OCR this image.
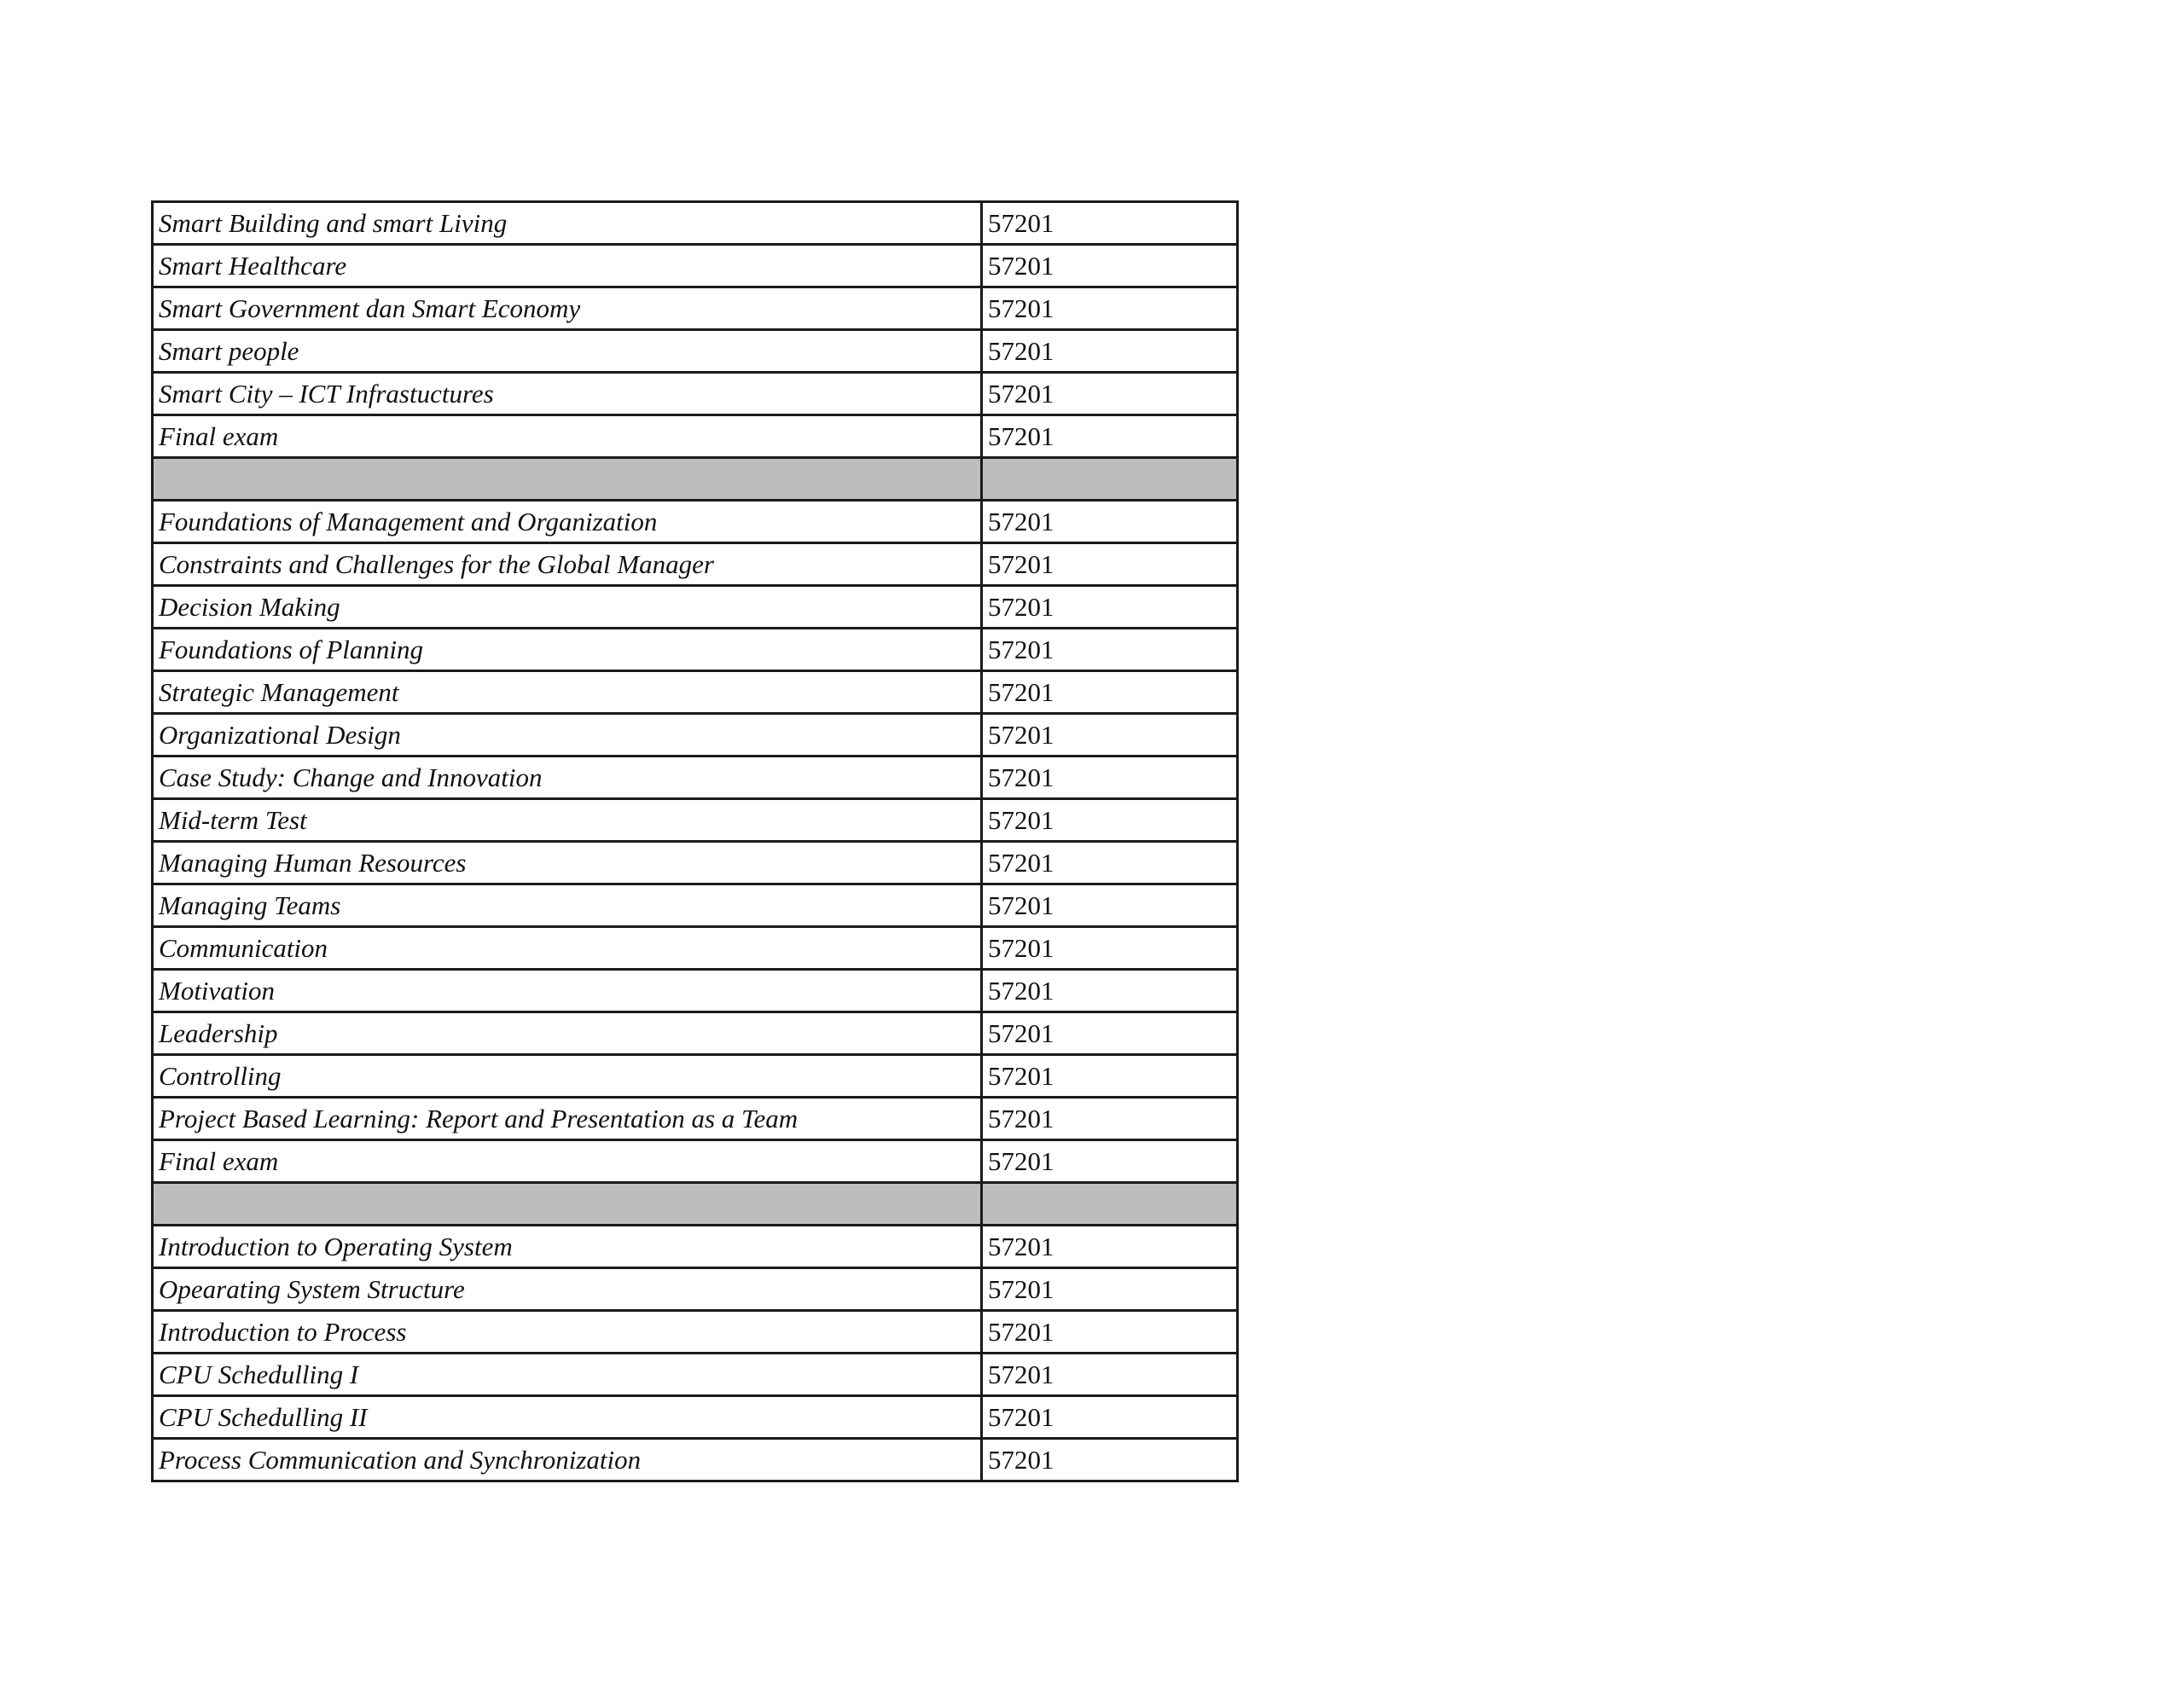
Smart Building and smart Living	57201
Smart Healthcare	57201
Smart Government dan Smart Economy	57201
Smart people	57201
Smart City – ICT Infrastuctures	57201
Final exam	57201

Foundations of Management and Organization	57201
Constraints and Challenges for the Global Manager	57201
Decision Making	57201
Foundations of Planning	57201
Strategic Management	57201
Organizational Design	57201
Case Study: Change and Innovation	57201
Mid-term Test	57201
Managing Human Resources	57201
Managing Teams	57201
Communication	57201
Motivation	57201
Leadership	57201
Controlling	57201
Project Based Learning: Report and Presentation as a Team	57201
Final exam	57201

Introduction to Operating System	57201
Opearating System Structure	57201
Introduction to Process	57201
CPU Schedulling I	57201
CPU Schedulling II	57201
Process Communication and Synchronization	57201
